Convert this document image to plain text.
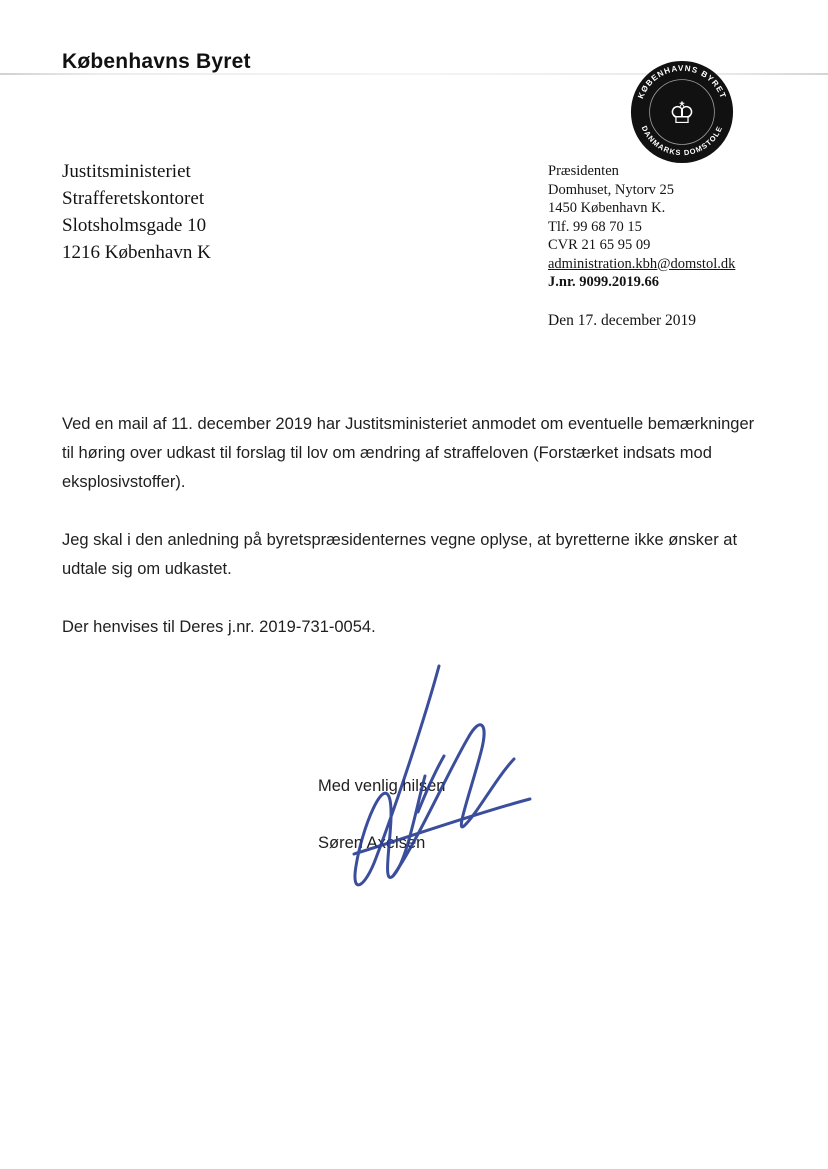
Københavns Byret
KØBENHAVNS BYRET
DANMARKS DOMSTOLE
♔
Justitsministeriet
Strafferetskontoret
Slotsholmsgade 10
1216 København K
Præsidenten
Domhuset, Nytorv 25
1450 København K.
Tlf. 99 68 70 15
CVR 21 65 95 09
administration.kbh@domstol.dk
J.nr. 9099.2019.66
Den 17. december 2019

Ved en mail af 11. december 2019 har Justitsministeriet anmodet om eventuelle bemærkninger til høring over udkast til forslag til lov om ændring af straffeloven (Forstærket indsats mod eksplosivstoffer).

Jeg skal i den anledning på byretspræsidenternes vegne oplyse, at byretterne ikke ønsker at udtale sig om udkastet.

Der henvises til Deres j.nr. 2019-731-0054.

Med venlig hilsen
Søren Axelsen
